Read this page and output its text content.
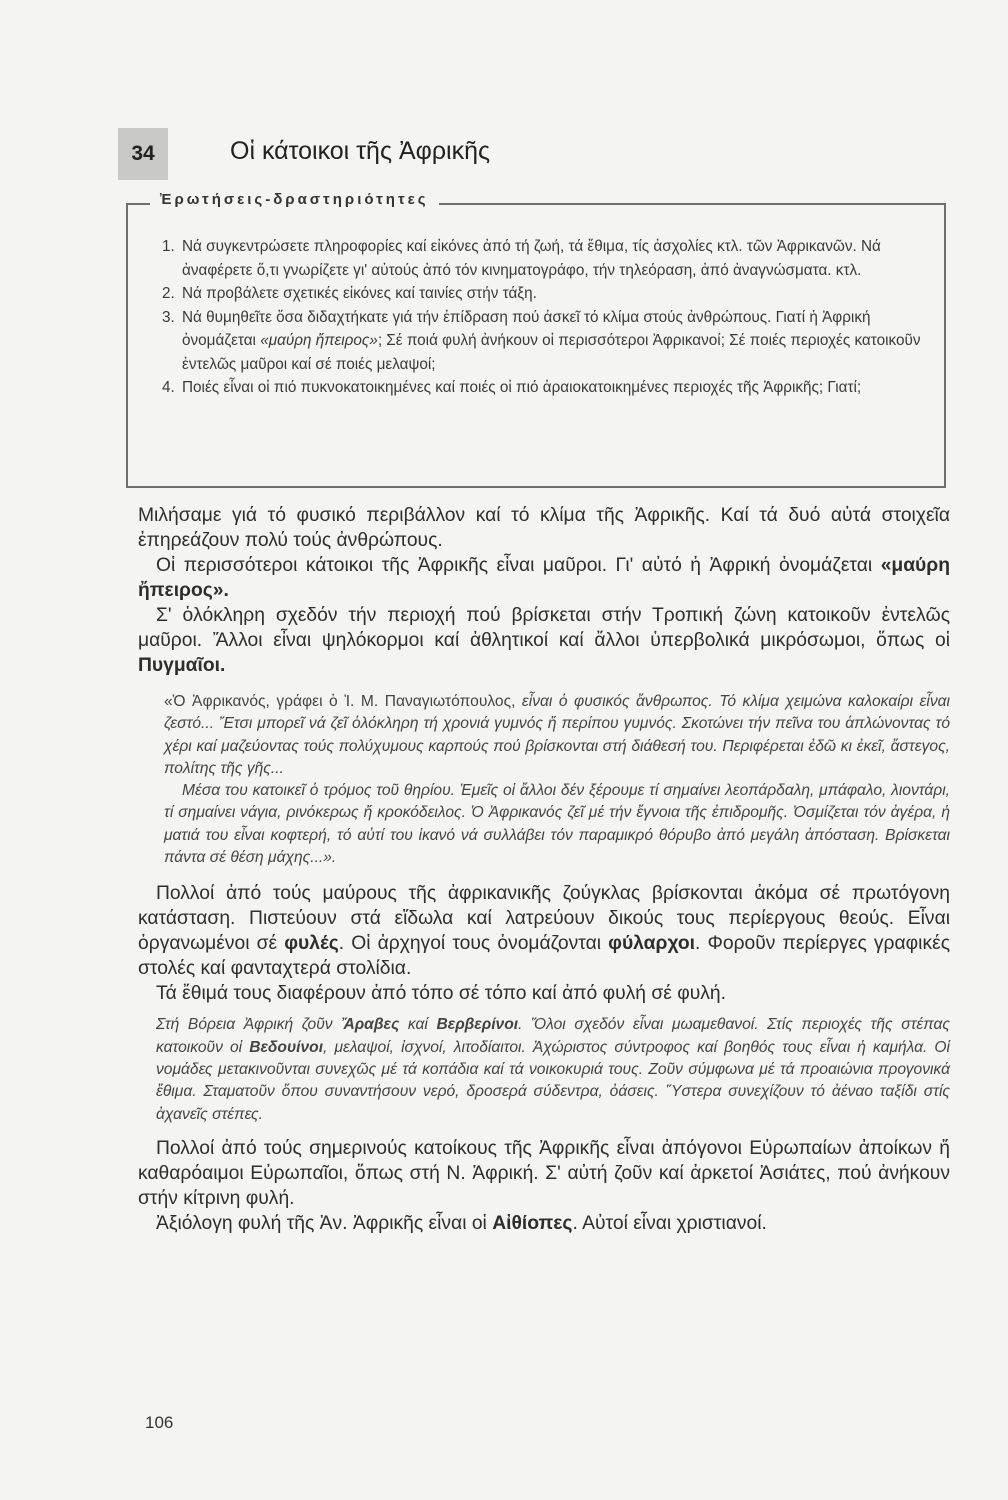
34	Οἱ κάτοικοι τῆς Ἀφρικῆς
Ἐρωτήσεις-δραστηριότητες

1. Νά συγκεντρώσετε πληροφορίες καί εἰκόνες ἀπό τή ζωή, τά ἔθιμα, τίς ἀσχολίες κτλ. τῶν Ἀφρικανῶν. Νά ἀναφέρετε ὅ,τι γνωρίζετε γι' αὐτούς ἀπό τόν κινηματογράφο, τήν τηλεόραση, ἀπό ἀναγνώσματα. κτλ.

2. Νά προβάλετε σχετικές εἰκόνες καί ταινίες στήν τάξη.

3. Νά θυμηθεῖτε ὅσα διδαχτήκατε γιά τήν ἐπίδραση πού ἀσκεῖ τό κλίμα στούς ἀνθρώπους. Γιατί ἡ Ἀφρική ὀνομάζεται «μαύρη ἤπειρος»; Σέ ποιά φυλή ἀνήκουν οἱ περισσότεροι Ἀφρικανοί; Σέ ποιές περιοχές κατοικοῦν ἐντελῶς μαῦροι καί σέ ποιές μελαψοί;

4. Ποιές εἶναι οἱ πιό πυκνοκατοικημένες καί ποιές οἱ πιό ἀραιοκατοικημένες περιοχές τῆς Ἀφρικῆς; Γιατί;

Μιλήσαμε γιά τό φυσικό περιβάλλον καί τό κλίμα τῆς Ἀφρικῆς. Καί τά δυό αὐτά στοιχεῖα ἐπηρεάζουν πολύ τούς ἀνθρώπους.

Οἱ περισσότεροι κάτοικοι τῆς Ἀφρικῆς εἶναι μαῦροι. Γι' αὐτό ἡ Ἀφρική ὀνομάζεται «μαύρη ἤπειρος».

Σ' ὁλόκληρη σχεδόν τήν περιοχή πού βρίσκεται στήν Τροπική ζώνη κατοικοῦν ἐντελῶς μαῦροι. Ἄλλοι εἶναι ψηλόκορμοι καί ἀθλητικοί καί ἄλλοι ὑπερβολικά μικρόσωμοι, ὅπως οἱ Πυγμαῖοι.

«Ὁ Ἀφρικανός, γράφει ὁ Ἰ. Μ. Παναγιωτόπουλος, εἶναι ὁ φυσικός ἄνθρωπος. Τό κλίμα χειμώνα καλοκαίρι εἶναι ζεστό... Ἔτσι μπορεῖ νά ζεῖ ὁλόκληρη τή χρονιά γυμνός ἤ περίπου γυμνός. Σκοτώνει τήν πεῖνα του ἁπλώνοντας τό χέρι καί μαζεύοντας τούς πολύχυμους καρπούς πού βρίσκονται στή διάθεσή του. Περιφέρεται ἐδῶ κι ἐκεῖ, ἄστεγος, πολίτης τῆς γῆς...

Μέσα του κατοικεῖ ὁ τρόμος τοῦ θηρίου. Ἐμεῖς οἱ ἄλλοι δέν ξέρουμε τί σημαίνει λεοπάρδαλη, μπάφαλο, λιοντάρι, τί σημαίνει νάγια, ρινόκερως ἤ κροκόδειλος. Ὁ Ἀφρικανός ζεῖ μέ τήν ἔγνοια τῆς ἐπιδρομῆς. Ὀσμίζεται τόν ἀγέρα, ἡ ματιά του εἶναι κοφτερή, τό αὐτί του ἱκανό νά συλλάβει τόν παραμικρό θόρυβο ἀπό μεγάλη ἀπόσταση. Βρίσκεται πάντα σέ θέση μάχης...».

Πολλοί ἀπό τούς μαύρους τῆς ἀφρικανικῆς ζούγκλας βρίσκονται ἀκόμα σέ πρωτόγονη κατάσταση. Πιστεύουν στά εἴδωλα καί λατρεύουν δικούς τους περίεργους θεούς. Εἶναι ὀργανωμένοι σέ φυλές. Οἱ ἀρχηγοί τους ὀνομάζονται φύλαρχοι. Φοροῦν περίεργες γραφικές στολές καί φανταχτερά στολίδια.

Τά ἔθιμά τους διαφέρουν ἀπό τόπο σέ τόπο καί ἀπό φυλή σέ φυλή.

Στή Βόρεια Ἀφρική ζοῦν Ἄραβες καί Βερβερίνοι. Ὅλοι σχεδόν εἶναι μωαμεθανοί. Στίς περιοχές τῆς στέπας κατοικοῦν οἱ Βεδουίνοι, μελαψοί, ἰσχνοί, λιτοδίαιτοι. Ἀχώριστος σύντροφος καί βοηθός τους εἶναι ἡ καμήλα. Οἱ νομάδες μετακινοῦνται συνεχῶς μέ τά κοπάδια καί τά νοικοκυριά τους. Ζοῦν σύμφωνα μέ τά προαιώνια προγονικά ἔθιμα. Σταματοῦν ὅπου συναντήσουν νερό, δροσερά σύδεντρα, ὀάσεις. Ὕστερα συνεχίζουν τό ἀέναο ταξίδι στίς ἀχανεῖς στέπες.

Πολλοί ἀπό τούς σημερινούς κατοίκους τῆς Ἀφρικῆς εἶναι ἀπόγονοι Εὐρωπαίων ἀποίκων ἤ καθαρόαιμοι Εὐρωπαῖοι, ὅπως στή Ν. Ἀφρική. Σ' αὐτή ζοῦν καί ἀρκετοί Ἀσιάτες, πού ἀνήκουν στήν κίτρινη φυλή.

Ἀξιόλογη φυλή τῆς Ἀν. Ἀφρικῆς εἶναι οἱ Αἰθίοπες. Αὐτοί εἶναι χριστιανοί.

106
